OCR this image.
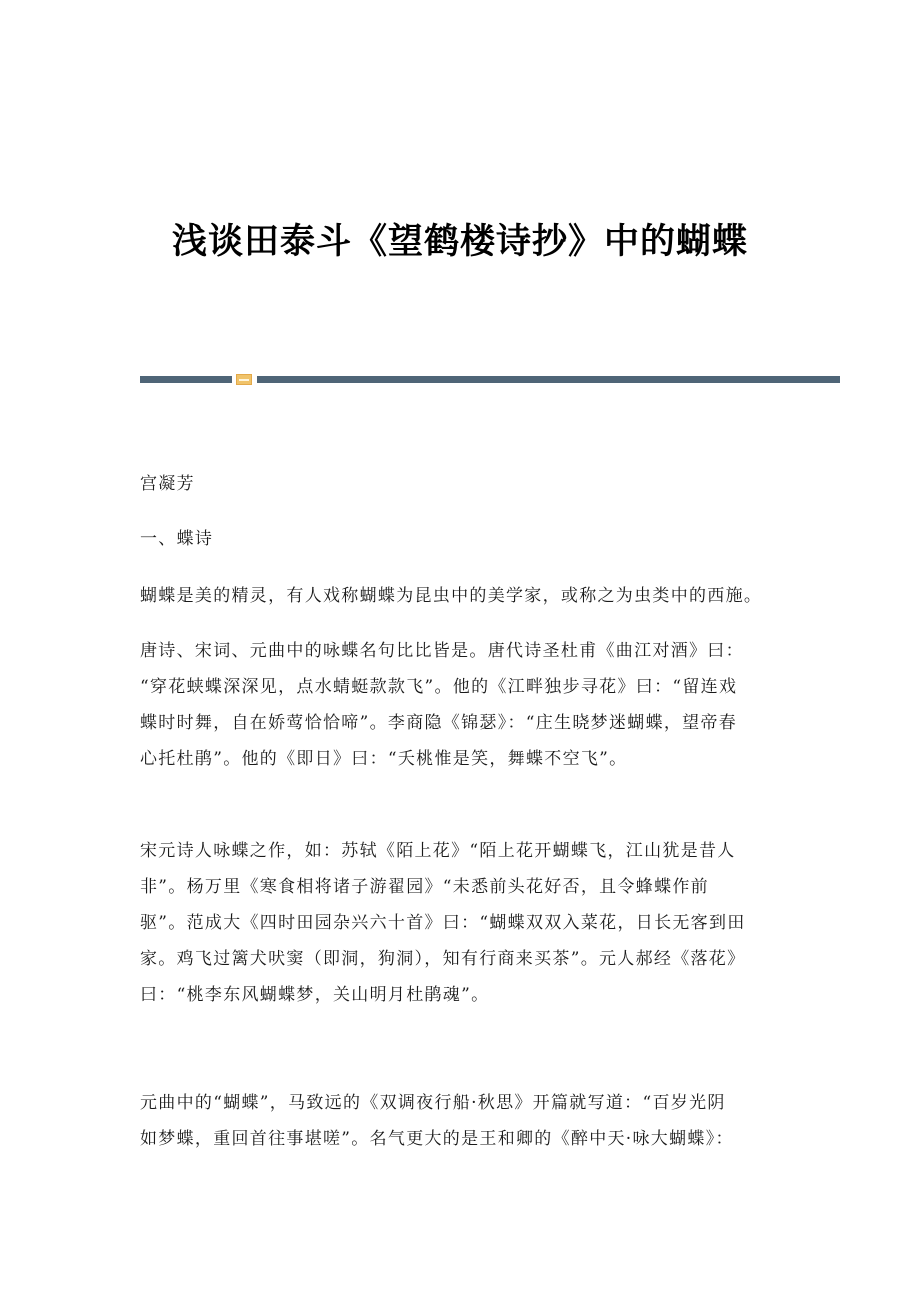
浅谈田泰斗《望鹤楼诗抄》中的蝴蝶
宫凝芳
一、蝶诗
蝴蝶是美的精灵，有人戏称蝴蝶为昆虫中的美学家，或称之为虫类中的西施。
唐诗、宋词、元曲中的咏蝶名句比比皆是。唐代诗圣杜甫《曲江对酒》曰：
“穿花蛱蝶深深见，点水蜻蜓款款飞”。他的《江畔独步寻花》曰：“留连戏
蝶时时舞，自在娇莺恰恰啼”。李商隐《锦瑟》：“庄生晓梦迷蝴蝶，望帝春
心托杜鹃”。他的《即日》曰：“夭桃惟是笑，舞蝶不空飞”。
宋元诗人咏蝶之作，如：苏轼《陌上花》“陌上花开蝴蝶飞，江山犹是昔人
非”。杨万里《寒食相将诸子游翟园》“未悉前头花好否，且令蜂蝶作前
驱”。范成大《四时田园杂兴六十首》曰：“蝴蝶双双入菜花，日长无客到田
家。鸡飞过篱犬吠窦（即洞，狗洞），知有行商来买茶”。元人郝经《落花》
曰：“桃李东风蝴蝶梦，关山明月杜鹃魂”。
元曲中的“蝴蝶”，马致远的《双调夜行船·秋思》开篇就写道：“百岁光阴
如梦蝶，重回首往事堪嗟”。名气更大的是王和卿的《醉中天·咏大蝴蝶》：
